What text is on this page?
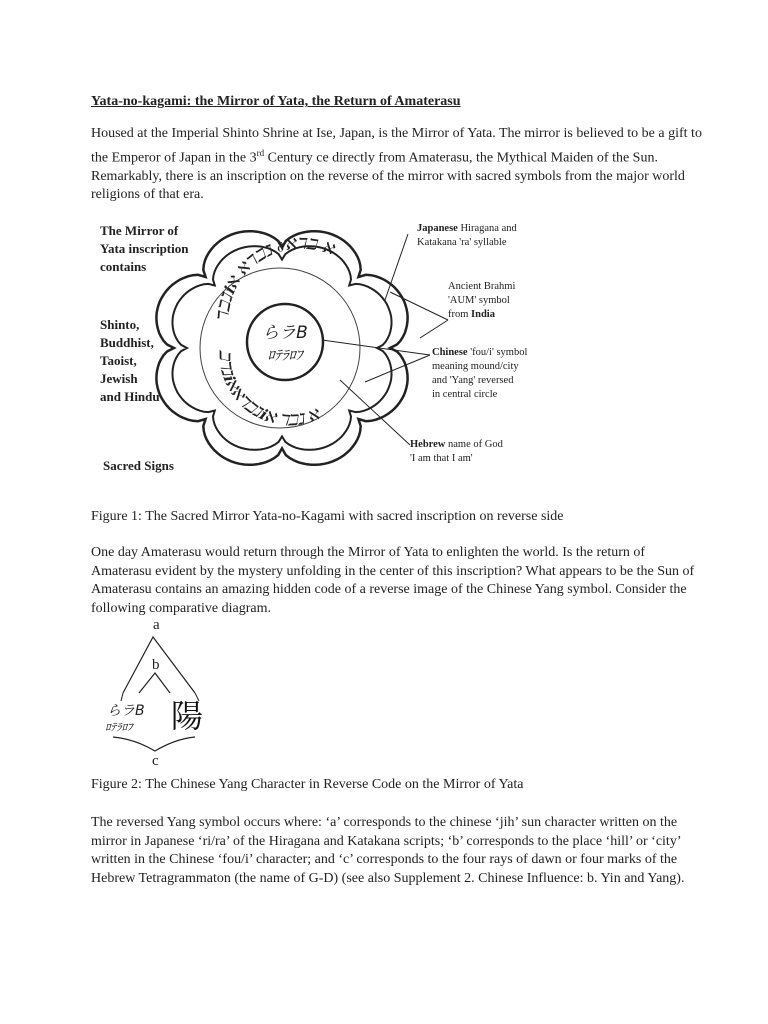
Yata-no-kagami: the Mirror of Yata, the Return of Amaterasu

Housed at the Imperial Shinto Shrine at Ise, Japan, is the Mirror of Yata. The mirror is believed to be a gift to the Emperor of Japan in the 3rd Century ce directly from Amaterasu, the Mythical Maiden of the Sun. Remarkably, there is an inscription on the reverse of the mirror with sacred symbols from the major world religions of that era.

ℸℶℷℹℵ ℵℸℶℷ ∂ℵℸℶ ℵ
ℶℸℷℹℵℵℸℶℷℹℵ ℸℶℷ ℵ
らラB
ﾛﾃﾗﾛﾌ
The Mirror of
Yata inscription
contains
Shinto,
Buddhist,
Taoist,
Jewish
and Hindu
Sacred Signs
Japanese Hiragana and
Katakana 'ra' syllable
Ancient Brahmi
'AUM' symbol
from India
Chinese 'fou/i' symbol
meaning mound/city
and 'Yang' reversed
in central circle
Hebrew name of God
'I am that I am'
Figure 1: The Sacred Mirror Yata-no-Kagami with sacred inscription on reverse side

One day Amaterasu would return through the Mirror of Yata to enlighten the world. Is the return of Amaterasu evident by the mystery unfolding in the center of this inscription? What appears to be the Sun of Amaterasu contains an amazing hidden code of a reverse image of the Chinese Yang symbol. Consider the following comparative diagram.

a
b
c
らラB
ﾛﾃﾗﾛﾌ 陽
Figure 2: The Chinese Yang Character in Reverse Code on the Mirror of Yata

The reversed Yang symbol occurs where: ‘a’ corresponds to the chinese ‘jih’ sun character written on the mirror in Japanese ‘ri/ra’ of the Hiragana and Katakana scripts; ‘b’ corresponds to the place ‘hill’ or ‘city’ written in the Chinese ‘fou/i’ character; and ‘c’ corresponds to the four rays of dawn or four marks of the Hebrew Tetragrammaton (the name of G-D) (see also Supplement 2. Chinese Influence: b. Yin and Yang).
